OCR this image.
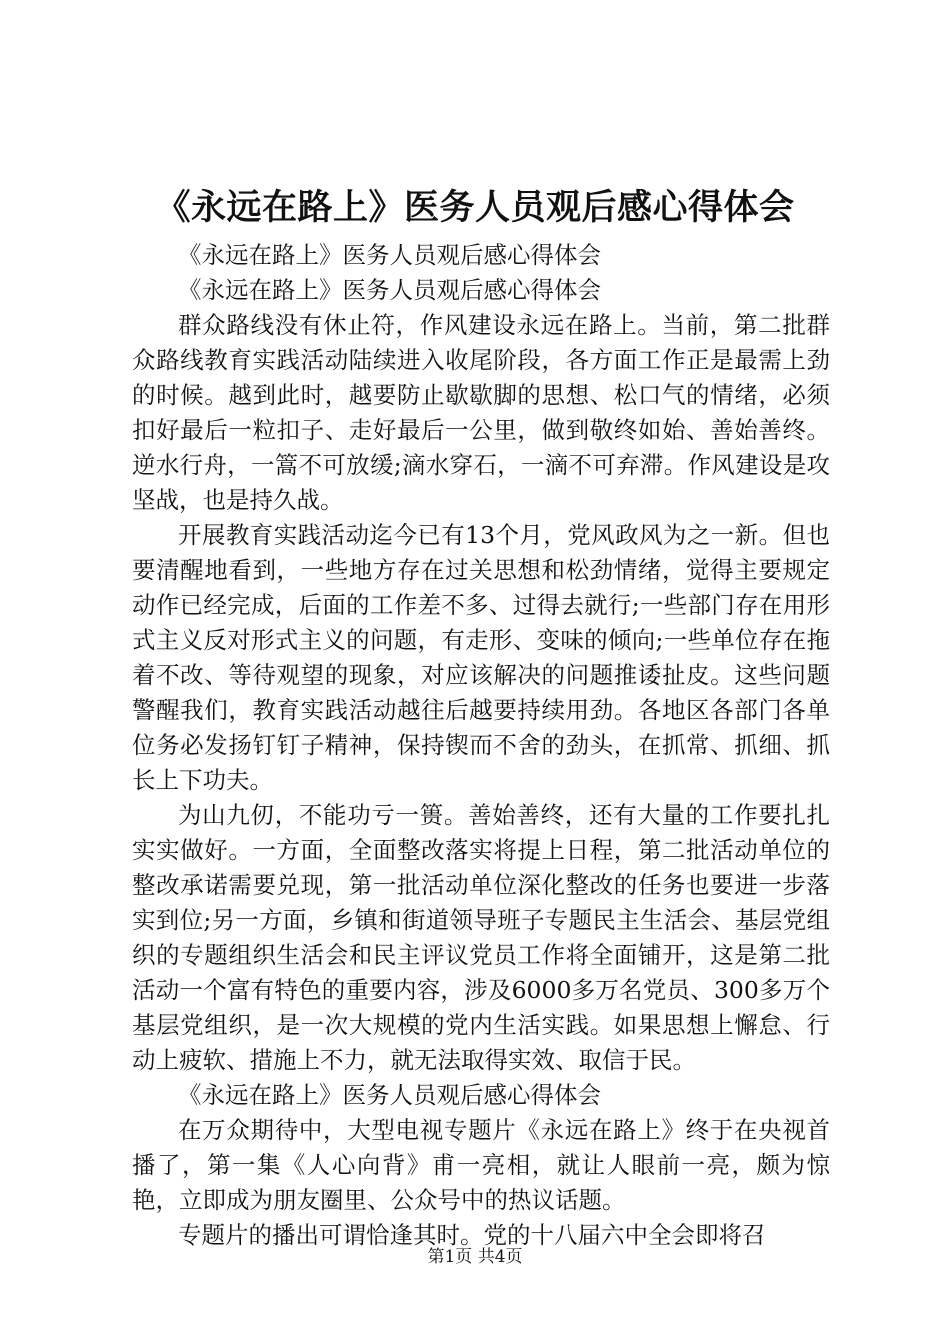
《永远在路上》医务人员观后感心得体会

《永远在路上》医务人员观后感心得体会

《永远在路上》医务人员观后感心得体会

群众路线没有休止符，作风建设永远在路上。当前，第二批群众路线教育实践活动陆续进入收尾阶段，各方面工作正是最需上劲的时候。越到此时，越要防止歇歇脚的思想、松口气的情绪，必须扣好最后一粒扣子、走好最后一公里，做到敬终如始、善始善终。逆水行舟，一篙不可放缓;滴水穿石，一滴不可弃滞。作风建设是攻坚战，也是持久战。

开展教育实践活动迄今已有13个月，党风政风为之一新。但也要清醒地看到，一些地方存在过关思想和松劲情绪，觉得主要规定动作已经完成，后面的工作差不多、过得去就行;一些部门存在用形式主义反对形式主义的问题，有走形、变味的倾向;一些单位存在拖着不改、等待观望的现象，对应该解决的问题推诿扯皮。这些问题警醒我们，教育实践活动越往后越要持续用劲。各地区各部门各单位务必发扬钉钉子精神，保持锲而不舍的劲头，在抓常、抓细、抓长上下功夫。

为山九仞，不能功亏一篑。善始善终，还有大量的工作要扎扎实实做好。一方面，全面整改落实将提上日程，第二批活动单位的整改承诺需要兑现，第一批活动单位深化整改的任务也要进一步落实到位;另一方面，乡镇和街道领导班子专题民主生活会、基层党组织的专题组织生活会和民主评议党员工作将全面铺开，这是第二批活动一个富有特色的重要内容，涉及6000多万名党员、300多万个基层党组织，是一次大规模的党内生活实践。如果思想上懈怠、行动上疲软、措施上不力，就无法取得实效、取信于民。

《永远在路上》医务人员观后感心得体会

在万众期待中，大型电视专题片《永远在路上》终于在央视首播了，第一集《人心向背》甫一亮相，就让人眼前一亮，颇为惊艳，立即成为朋友圈里、公众号中的热议话题。

专题片的播出可谓恰逢其时。党的十八届六中全会即将召

第1页 共4页
